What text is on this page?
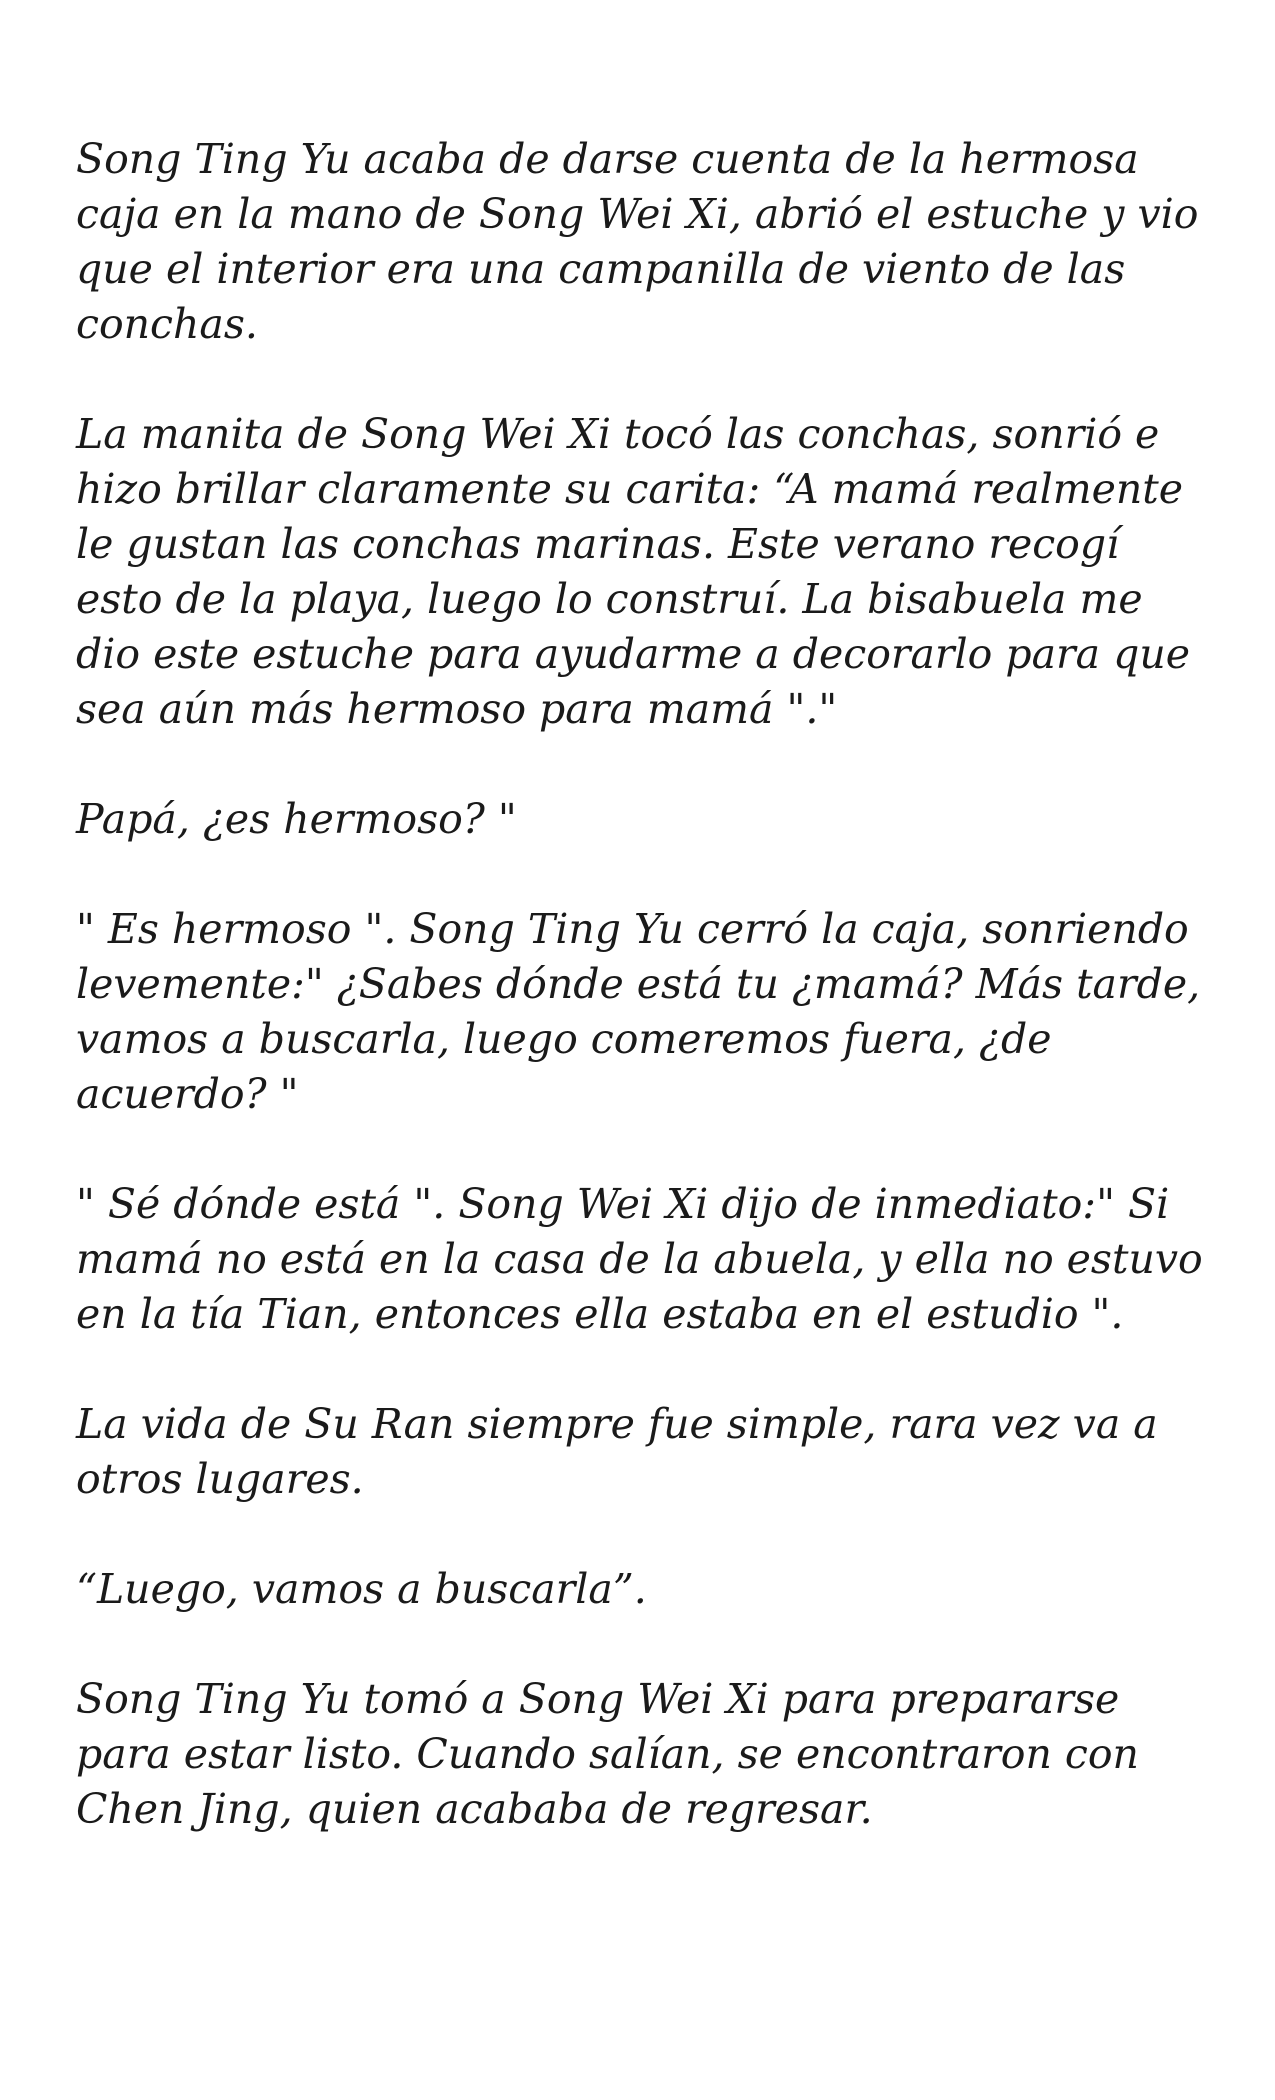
Song Ting Yu acaba de darse cuenta de la hermosa caja en la mano de Song Wei Xi, abrió el estuche y vio que el interior era una campanilla de viento de las conchas.

La manita de Song Wei Xi tocó las conchas, sonrió e hizo brillar claramente su carita: “A mamá realmente le gustan las conchas marinas. Este verano recogí esto de la playa, luego lo construí. La bisabuela me dio este estuche para ayudarme a decorarlo para que sea aún más hermoso para mamá "."

Papá, ¿es hermoso? "

" Es hermoso ". Song Ting Yu cerró la caja, sonriendo levemente:" ¿Sabes dónde está tu ¿mamá? Más tarde, vamos a buscarla, luego comeremos fuera, ¿de acuerdo? "

" Sé dónde está ". Song Wei Xi dijo de inmediato:" Si mamá no está en la casa de la abuela, y ella no estuvo en la tía Tian, entonces ella estaba en el estudio ".

La vida de Su Ran siempre fue simple, rara vez va a otros lugares.

“Luego, vamos a buscarla”.

Song Ting Yu tomó a Song Wei Xi para prepararse para estar listo. Cuando salían, se encontraron con Chen Jing, quien acababa de regresar.
